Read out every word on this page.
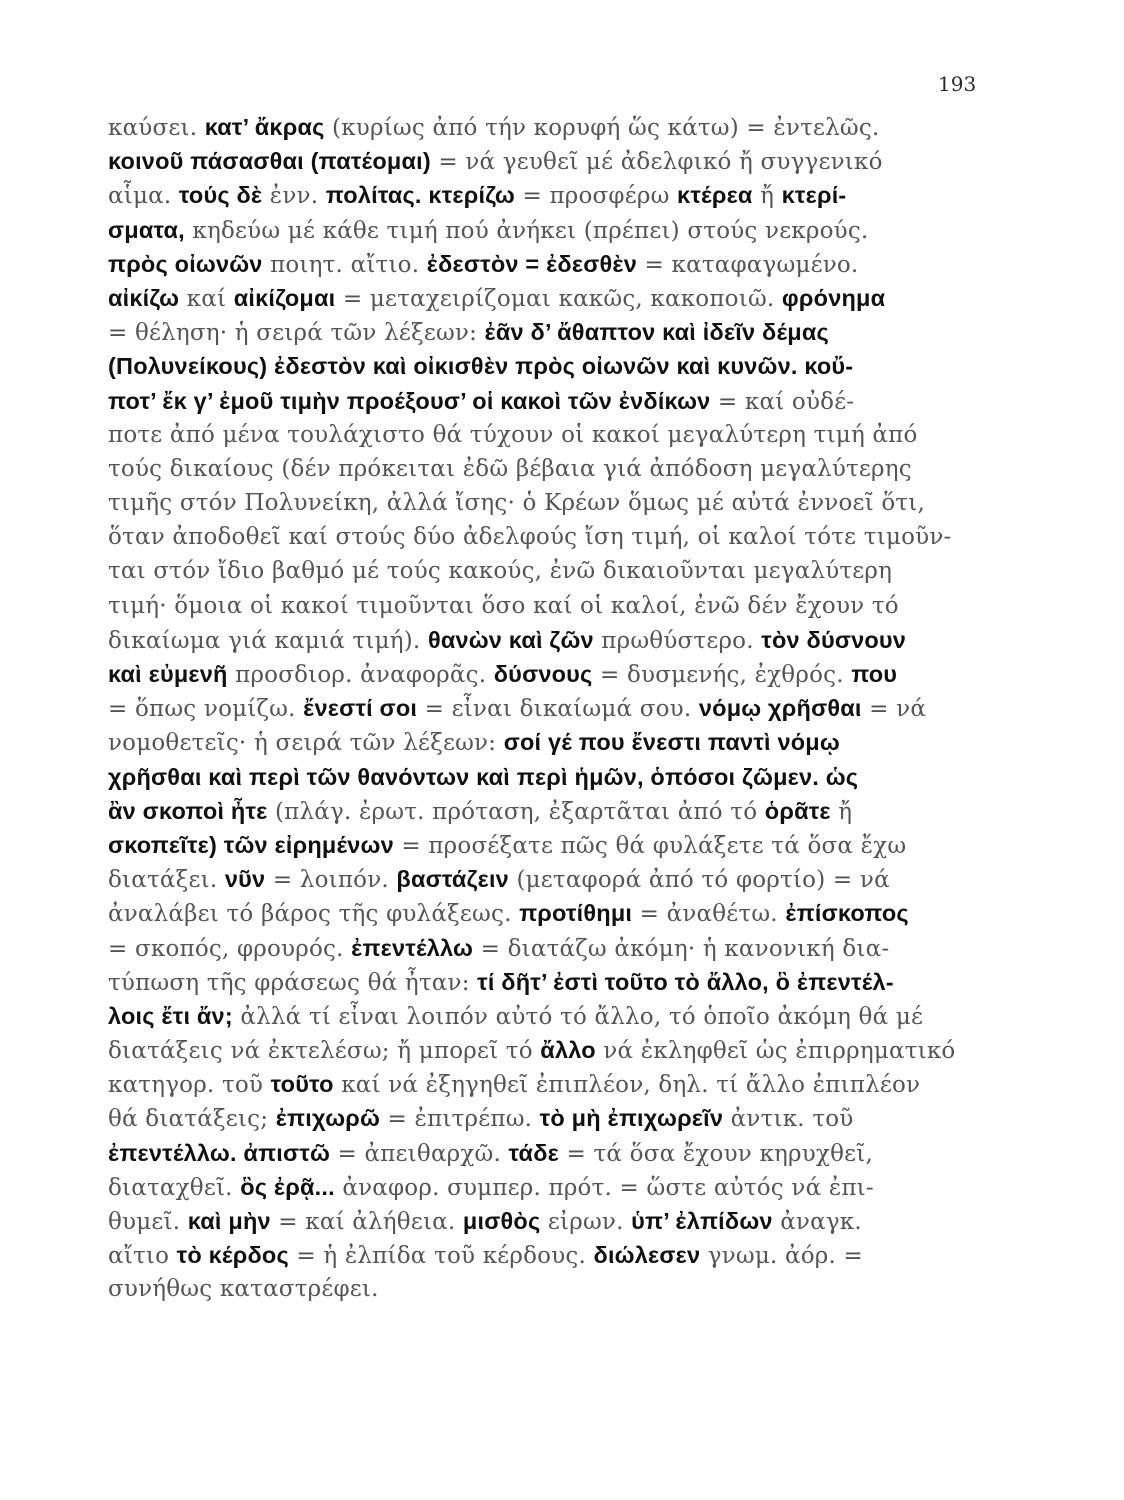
193
καύσει. κατ’ ἄκρας (κυρίως ἀπό τήν κορυφή ὥς κάτω) = ἐντελῶς.
κοινοῦ πάσασθαι (πατέομαι) = νά γευθεῖ μέ ἀδελφικό ἤ συγγενικό
αἷμα. τούς δὲ ἐνν. πολίτας. κτερίζω = προσφέρω κτέρεα ἤ κτερί-
σματα, κηδεύω μέ κάθε τιμή πού ἀνήκει (πρέπει) στούς νεκρούς.
πρὸς οἰωνῶν ποιητ. αἴτιο. ἐδεστὸν = ἐδεσθὲν = καταφαγωμένο.
αἰκίζω καί αἰκίζομαι = μεταχειρίζομαι κακῶς, κακοποιῶ. φρόνημα
= θέληση· ἡ σειρά τῶν λέξεων: ἐᾶν δ’ ἄθαπτον καὶ ἰδεῖν δέμας
(Πολυνείκους) ἐδεστὸν καὶ οἰκισθὲν πρὸς οἰωνῶν καὶ κυνῶν. κοὔ-
ποτ’ ἔκ γ’ ἐμοῦ τιμὴν προέξουσ’ οἱ κακοὶ τῶν ἐνδίκων = καί οὐδέ-
ποτε ἀπό μένα τουλάχιστο θά τύχουν οἱ κακοί μεγαλύτερη τιμή ἀπό
τούς δικαίους (δέν πρόκειται ἐδῶ βέβαια γιά ἀπόδοση μεγαλύτερης
τιμῆς στόν Πολυνείκη, ἀλλά ἴσης· ὁ Κρέων ὅμως μέ αὐτά ἐννοεῖ ὅτι,
ὅταν ἀποδοθεῖ καί στούς δύο ἀδελφούς ἴση τιμή, οἱ καλοί τότε τιμοῦν-
ται στόν ἴδιο βαθμό μέ τούς κακούς, ἐνῶ δικαιοῦνται μεγαλύτερη
τιμή· ὅμοια οἱ κακοί τιμοῦνται ὅσο καί οἱ καλοί, ἐνῶ δέν ἔχουν τό
δικαίωμα γιά καμιά τιμή). θανὼν καὶ ζῶν πρωθύστερο. τὸν δύσνουν
καὶ εὐμενῆ προσδιορ. ἀναφορᾶς. δύσνους = δυσμενής, ἐχθρός. που
= ὅπως νομίζω. ἔνεστί σοι = εἶναι δικαίωμά σου. νόμῳ χρῆσθαι = νά
νομοθετεῖς· ἡ σειρά τῶν λέξεων: σοί γέ που ἔνεστι παντὶ νόμῳ
χρῆσθαι καὶ περὶ τῶν θανόντων καὶ περὶ ἡμῶν, ὁπόσοι ζῶμεν. ὡς
ἂν σκοποὶ ἦτε (πλάγ. ἐρωτ. πρόταση, ἐξαρτᾶται ἀπό τό ὁρᾶτε ἤ
σκοπεῖτε) τῶν εἰρημένων = προσέξατε πῶς θά φυλάξετε τά ὅσα ἔχω
διατάξει. νῦν = λοιπόν. βαστάζειν (μεταφορά ἀπό τό φορτίο) = νά
ἀναλάβει τό βάρος τῆς φυλάξεως. προτίθημι = ἀναθέτω. ἐπίσκοπος
= σκοπός, φρουρός. ἐπεντέλλω = διατάζω ἀκόμη· ἡ κανονική δια-
τύπωση τῆς φράσεως θά ἦταν: τί δῆτ’ ἐστὶ τοῦτο τὸ ἄλλο, ὃ ἐπεντέλ-
λοις ἔτι ἄν; ἀλλά τί εἶναι λοιπόν αὐτό τό ἄλλο, τό ὁποῖο ἀκόμη θά μέ
διατάξεις νά ἐκτελέσω; ἤ μπορεῖ τό ἄλλο νά ἐκληφθεῖ ὡς ἐπιρρηματικό
κατηγορ. τοῦ τοῦτο καί νά ἐξηγηθεῖ ἐπιπλέον, δηλ. τί ἄλλο ἐπιπλέον
θά διατάξεις; ἐπιχωρῶ = ἐπιτρέπω. τὸ μὴ ἐπιχωρεῖν ἀντικ. τοῦ
ἐπεντέλλω. ἀπιστῶ = ἀπειθαρχῶ. τάδε = τά ὅσα ἔχουν κηρυχθεῖ,
διαταχθεῖ. ὃς ἐρᾷ... ἀναφορ. συμπερ. πρότ. = ὥστε αὐτός νά ἐπι-
θυμεῖ. καὶ μὴν = καί ἀλήθεια. μισθὸς εἰρων. ὑπ’ ἐλπίδων ἀναγκ.
αἴτιο τὸ κέρδος = ἡ ἐλπίδα τοῦ κέρδους. διώλεσεν γνωμ. ἀόρ. =
συνήθως καταστρέφει.
